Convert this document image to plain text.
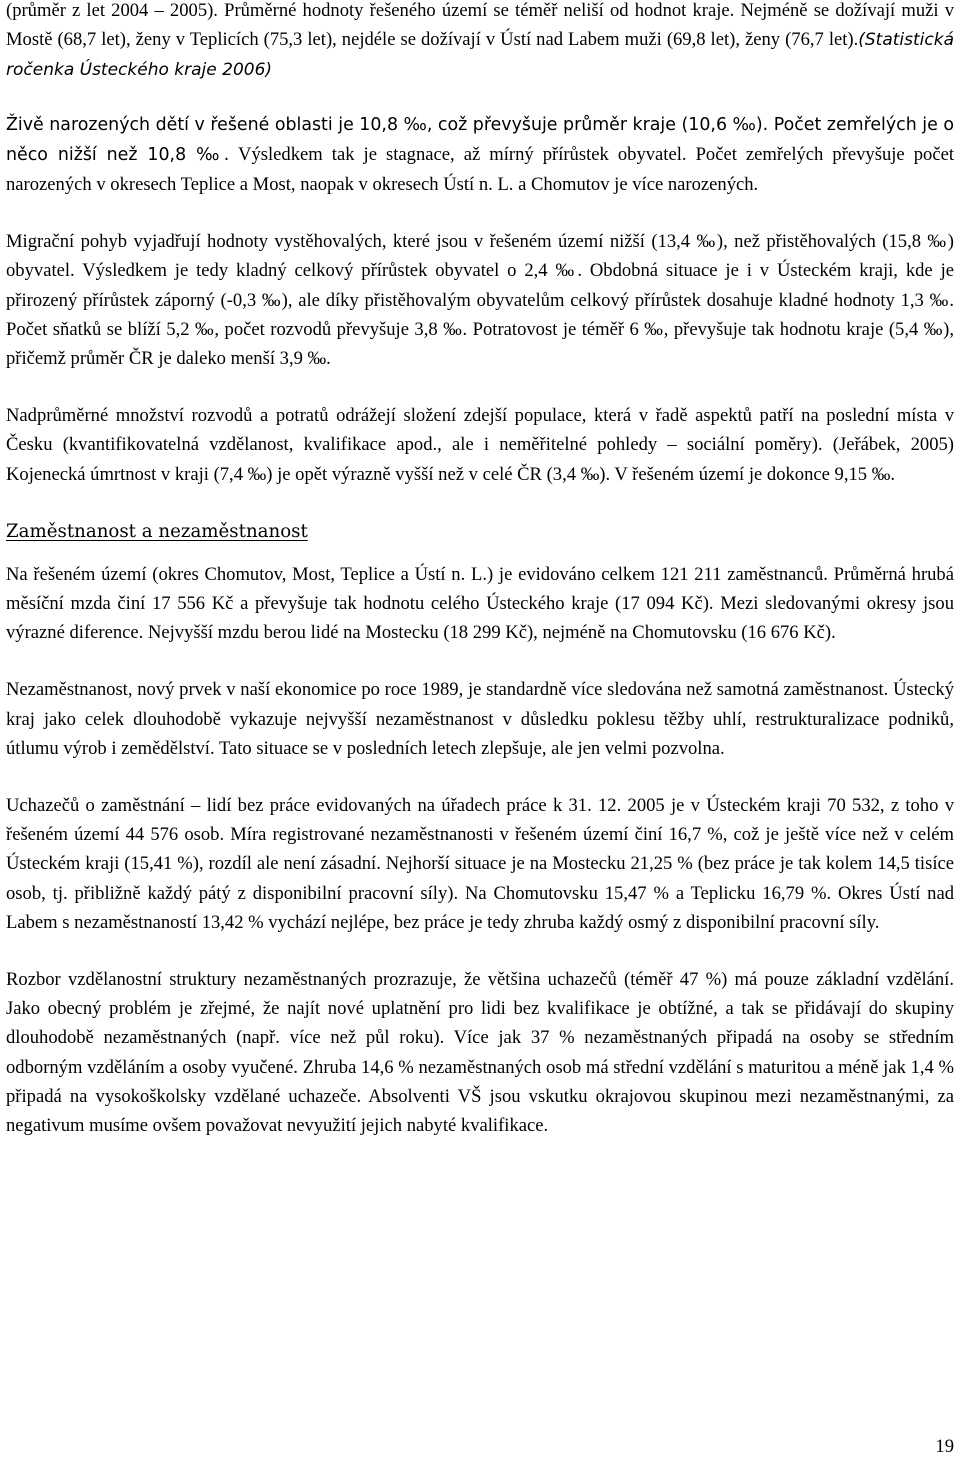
(průměr z let 2004 – 2005). Průměrné hodnoty řešeného území se téměř neliší od hodnot kraje. Nejméně se dožívají muži v Mostě (68,7 let), ženy v Teplicích (75,3 let), nejdéle se dožívají v Ústí nad Labem muži (69,8 let), ženy (76,7 let).(Statistická ročenka Ústeckého kraje 2006)

Živě narozených dětí v řešené oblasti je 10,8 ‰, což převyšuje průměr kraje (10,6 ‰). Počet zemřelých je o něco nižší než 10,8 ‰. Výsledkem tak je stagnace, až mírný přírůstek obyvatel. Počet zemřelých převyšuje počet narozených v okresech Teplice a Most, naopak v okresech Ústí n. L. a Chomutov je více narozených.

Migrační pohyb vyjadřují hodnoty vystěhovalých, které jsou v řešeném území nižší (13,4 ‰), než přistěhovalých (15,8 ‰) obyvatel. Výsledkem je tedy kladný celkový přírůstek obyvatel o 2,4 ‰. Obdobná situace je i v Ústeckém kraji, kde je přirozený přírůstek záporný (-0,3 ‰), ale díky přistěhovalým obyvatelům celkový přírůstek dosahuje kladné hodnoty 1,3 ‰. Počet sňatků se blíží 5,2 ‰, počet rozvodů převyšuje 3,8 ‰. Potratovost je téměř 6 ‰, převyšuje tak hodnotu kraje (5,4 ‰), přičemž průměr ČR je daleko menší 3,9 ‰.

Nadprůměrné množství rozvodů a potratů odrážejí složení zdejší populace, která v řadě aspektů patří na poslední místa v Česku (kvantifikovatelná vzdělanost, kvalifikace apod., ale i neměřitelné pohledy – sociální poměry). (Jeřábek, 2005) Kojenecká úmrtnost v kraji (7,4 ‰) je opět výrazně vyšší než v celé ČR (3,4 ‰). V řešeném území je dokonce 9,15 ‰.

Zaměstnanost a nezaměstnanost

Na řešeném území (okres Chomutov, Most, Teplice a Ústí n. L.) je evidováno celkem 121 211 zaměstnanců. Průměrná hrubá měsíční mzda činí 17 556 Kč a převyšuje tak hodnotu celého Ústeckého kraje (17 094 Kč). Mezi sledovanými okresy jsou výrazné diference. Nejvyšší mzdu berou lidé na Mostecku (18 299 Kč), nejméně na Chomutovsku (16 676 Kč).

Nezaměstnanost, nový prvek v naší ekonomice po roce 1989, je standardně více sledována než samotná zaměstnanost. Ústecký kraj jako celek dlouhodobě vykazuje nejvyšší nezaměstnanost v důsledku poklesu těžby uhlí, restrukturalizace podniků, útlumu výrob i zemědělství. Tato situace se v posledních letech zlepšuje, ale jen velmi pozvolna.

Uchazečů o zaměstnání – lidí bez práce evidovaných na úřadech práce k 31. 12. 2005 je v Ústeckém kraji 70 532, z toho v řešeném území 44 576 osob. Míra registrované nezaměstnanosti v řešeném území činí 16,7 %, což je ještě více než v celém Ústeckém kraji (15,41 %), rozdíl ale není zásadní. Nejhorší situace je na Mostecku 21,25 % (bez práce je tak kolem 14,5 tisíce osob, tj. přibližně každý pátý z disponibilní pracovní síly). Na Chomutovsku 15,47 % a Teplicku 16,79 %. Okres Ústí nad Labem s nezaměstnaností 13,42 % vychází nejlépe, bez práce je tedy zhruba každý osmý z disponibilní pracovní síly.

Rozbor vzdělanostní struktury nezaměstnaných prozrazuje, že většina uchazečů (téměř 47 %) má pouze základní vzdělání. Jako obecný problém je zřejmé, že najít nové uplatnění pro lidi bez kvalifikace je obtížné, a tak se přidávají do skupiny dlouhodobě nezaměstnaných (např. více než půl roku). Více jak 37 % nezaměstnaných připadá na osoby se středním odborným vzděláním a osoby vyučené. Zhruba 14,6 % nezaměstnaných osob má střední vzdělání s maturitou a méně jak 1,4 % připadá na vysokoškolsky vzdělané uchazeče. Absolventi VŠ jsou vskutku okrajovou skupinou mezi nezaměstnanými, za negativum musíme ovšem považovat nevyužití jejich nabyté kvalifikace.

19
